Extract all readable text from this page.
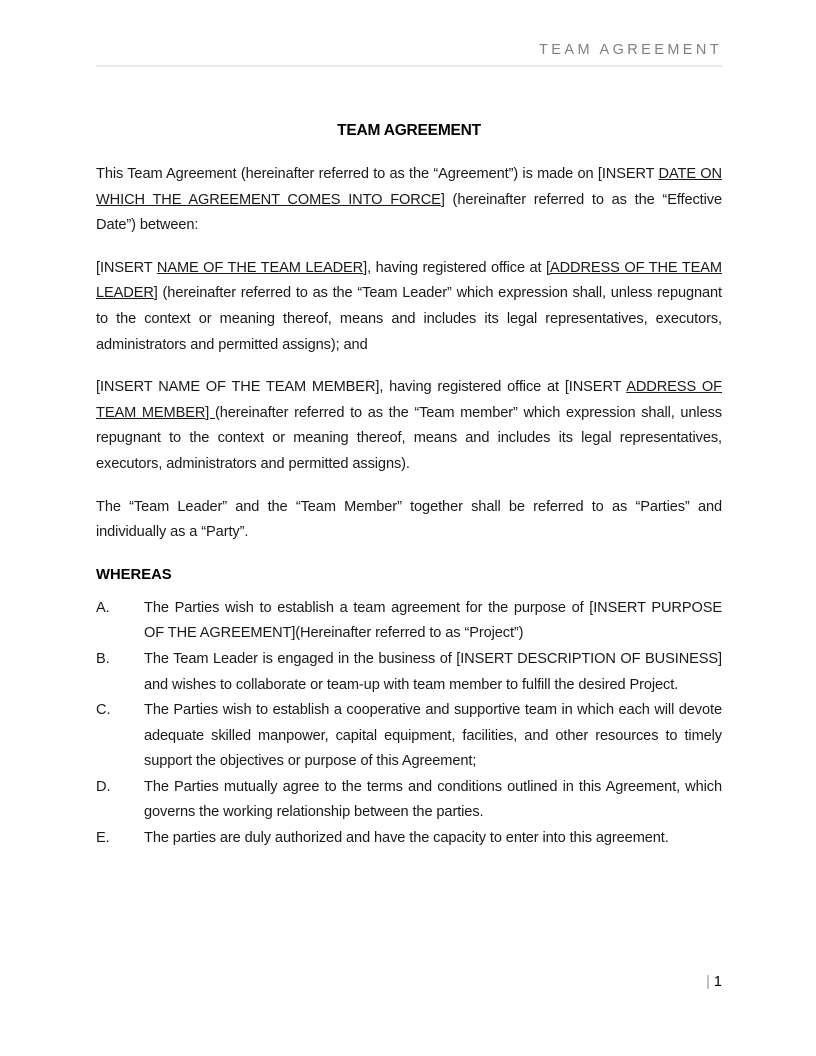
TEAM AGREEMENT
TEAM AGREEMENT

This Team Agreement (hereinafter referred to as the “Agreement”) is made on [INSERT DATE ON WHICH THE AGREEMENT COMES INTO FORCE] (hereinafter referred to as the “Effective Date”) between:

[INSERT NAME OF THE TEAM LEADER], having registered office at [ADDRESS OF THE TEAM LEADER] (hereinafter referred to as the “Team Leader” which expression shall, unless repugnant to the context or meaning thereof, means and includes its legal representatives, executors, administrators and permitted assigns); and

[INSERT NAME OF THE TEAM MEMBER], having registered office at [INSERT ADDRESS OF TEAM MEMBER] (hereinafter referred to as the “Team member” which expression shall, unless repugnant to the context or meaning thereof, means and includes its legal representatives, executors, administrators and permitted assigns).

The “Team Leader” and the “Team Member” together shall be referred to as “Parties” and individually as a “Party”.

WHEREAS

A.	The Parties wish to establish a team agreement for the purpose of [INSERT PURPOSE OF THE AGREEMENT](Hereinafter referred to as “Project”)
B.	The Team Leader is engaged in the business of [INSERT DESCRIPTION OF BUSINESS] and wishes to collaborate or team-up with team member to fulfill the desired Project.
C.	The Parties wish to establish a cooperative and supportive team in which each will devote adequate skilled manpower, capital equipment, facilities, and other resources to timely support the objectives or purpose of this Agreement;
D.	The Parties mutually agree to the terms and conditions outlined in this Agreement, which governs the working relationship between the parties.
E.	The parties are duly authorized and have the capacity to enter into this agreement.
| 1
